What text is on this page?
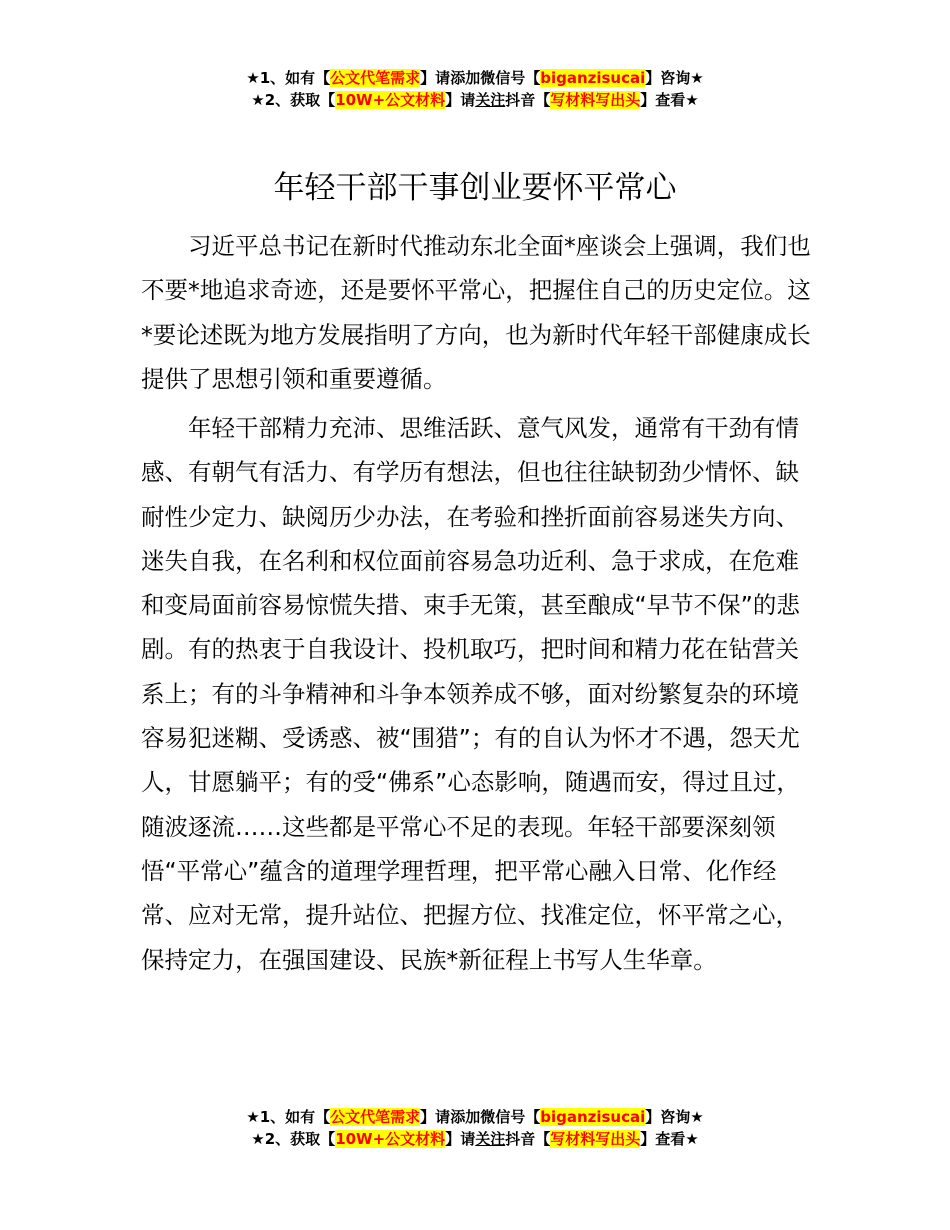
★1、如有【公文代笔需求】请添加微信号【biganzisucai】咨询★
★2、获取【10W+公文材料】请关注抖音【写材料写出头】查看★
年轻干部干事创业要怀平常心

习近平总书记在新时代推动东北全面*座谈会上强调，我们也不要*地追求奇迹，还是要怀平常心，把握住自己的历史定位。这*要论述既为地方发展指明了方向，也为新时代年轻干部健康成长提供了思想引领和重要遵循。

年轻干部精力充沛、思维活跃、意气风发，通常有干劲有情感、有朝气有活力、有学历有想法，但也往往缺韧劲少情怀、缺耐性少定力、缺阅历少办法，在考验和挫折面前容易迷失方向、迷失自我，在名利和权位面前容易急功近利、急于求成，在危难和变局面前容易惊慌失措、束手无策，甚至酿成“早节不保”的悲剧。有的热衷于自我设计、投机取巧，把时间和精力花在钻营关系上；有的斗争精神和斗争本领养成不够，面对纷繁复杂的环境容易犯迷糊、受诱惑、被“围猎”；有的自认为怀才不遇，怨天尤人，甘愿躺平；有的受“佛系”心态影响，随遇而安，得过且过，随波逐流……这些都是平常心不足的表现。年轻干部要深刻领悟“平常心”蕴含的道理学理哲理，把平常心融入日常、化作经常、应对无常，提升站位、把握方位、找准定位，怀平常之心，保持定力，在强国建设、民族*新征程上书写人生华章。

★1、如有【公文代笔需求】请添加微信号【biganzisucai】咨询★
★2、获取【10W+公文材料】请关注抖音【写材料写出头】查看★
